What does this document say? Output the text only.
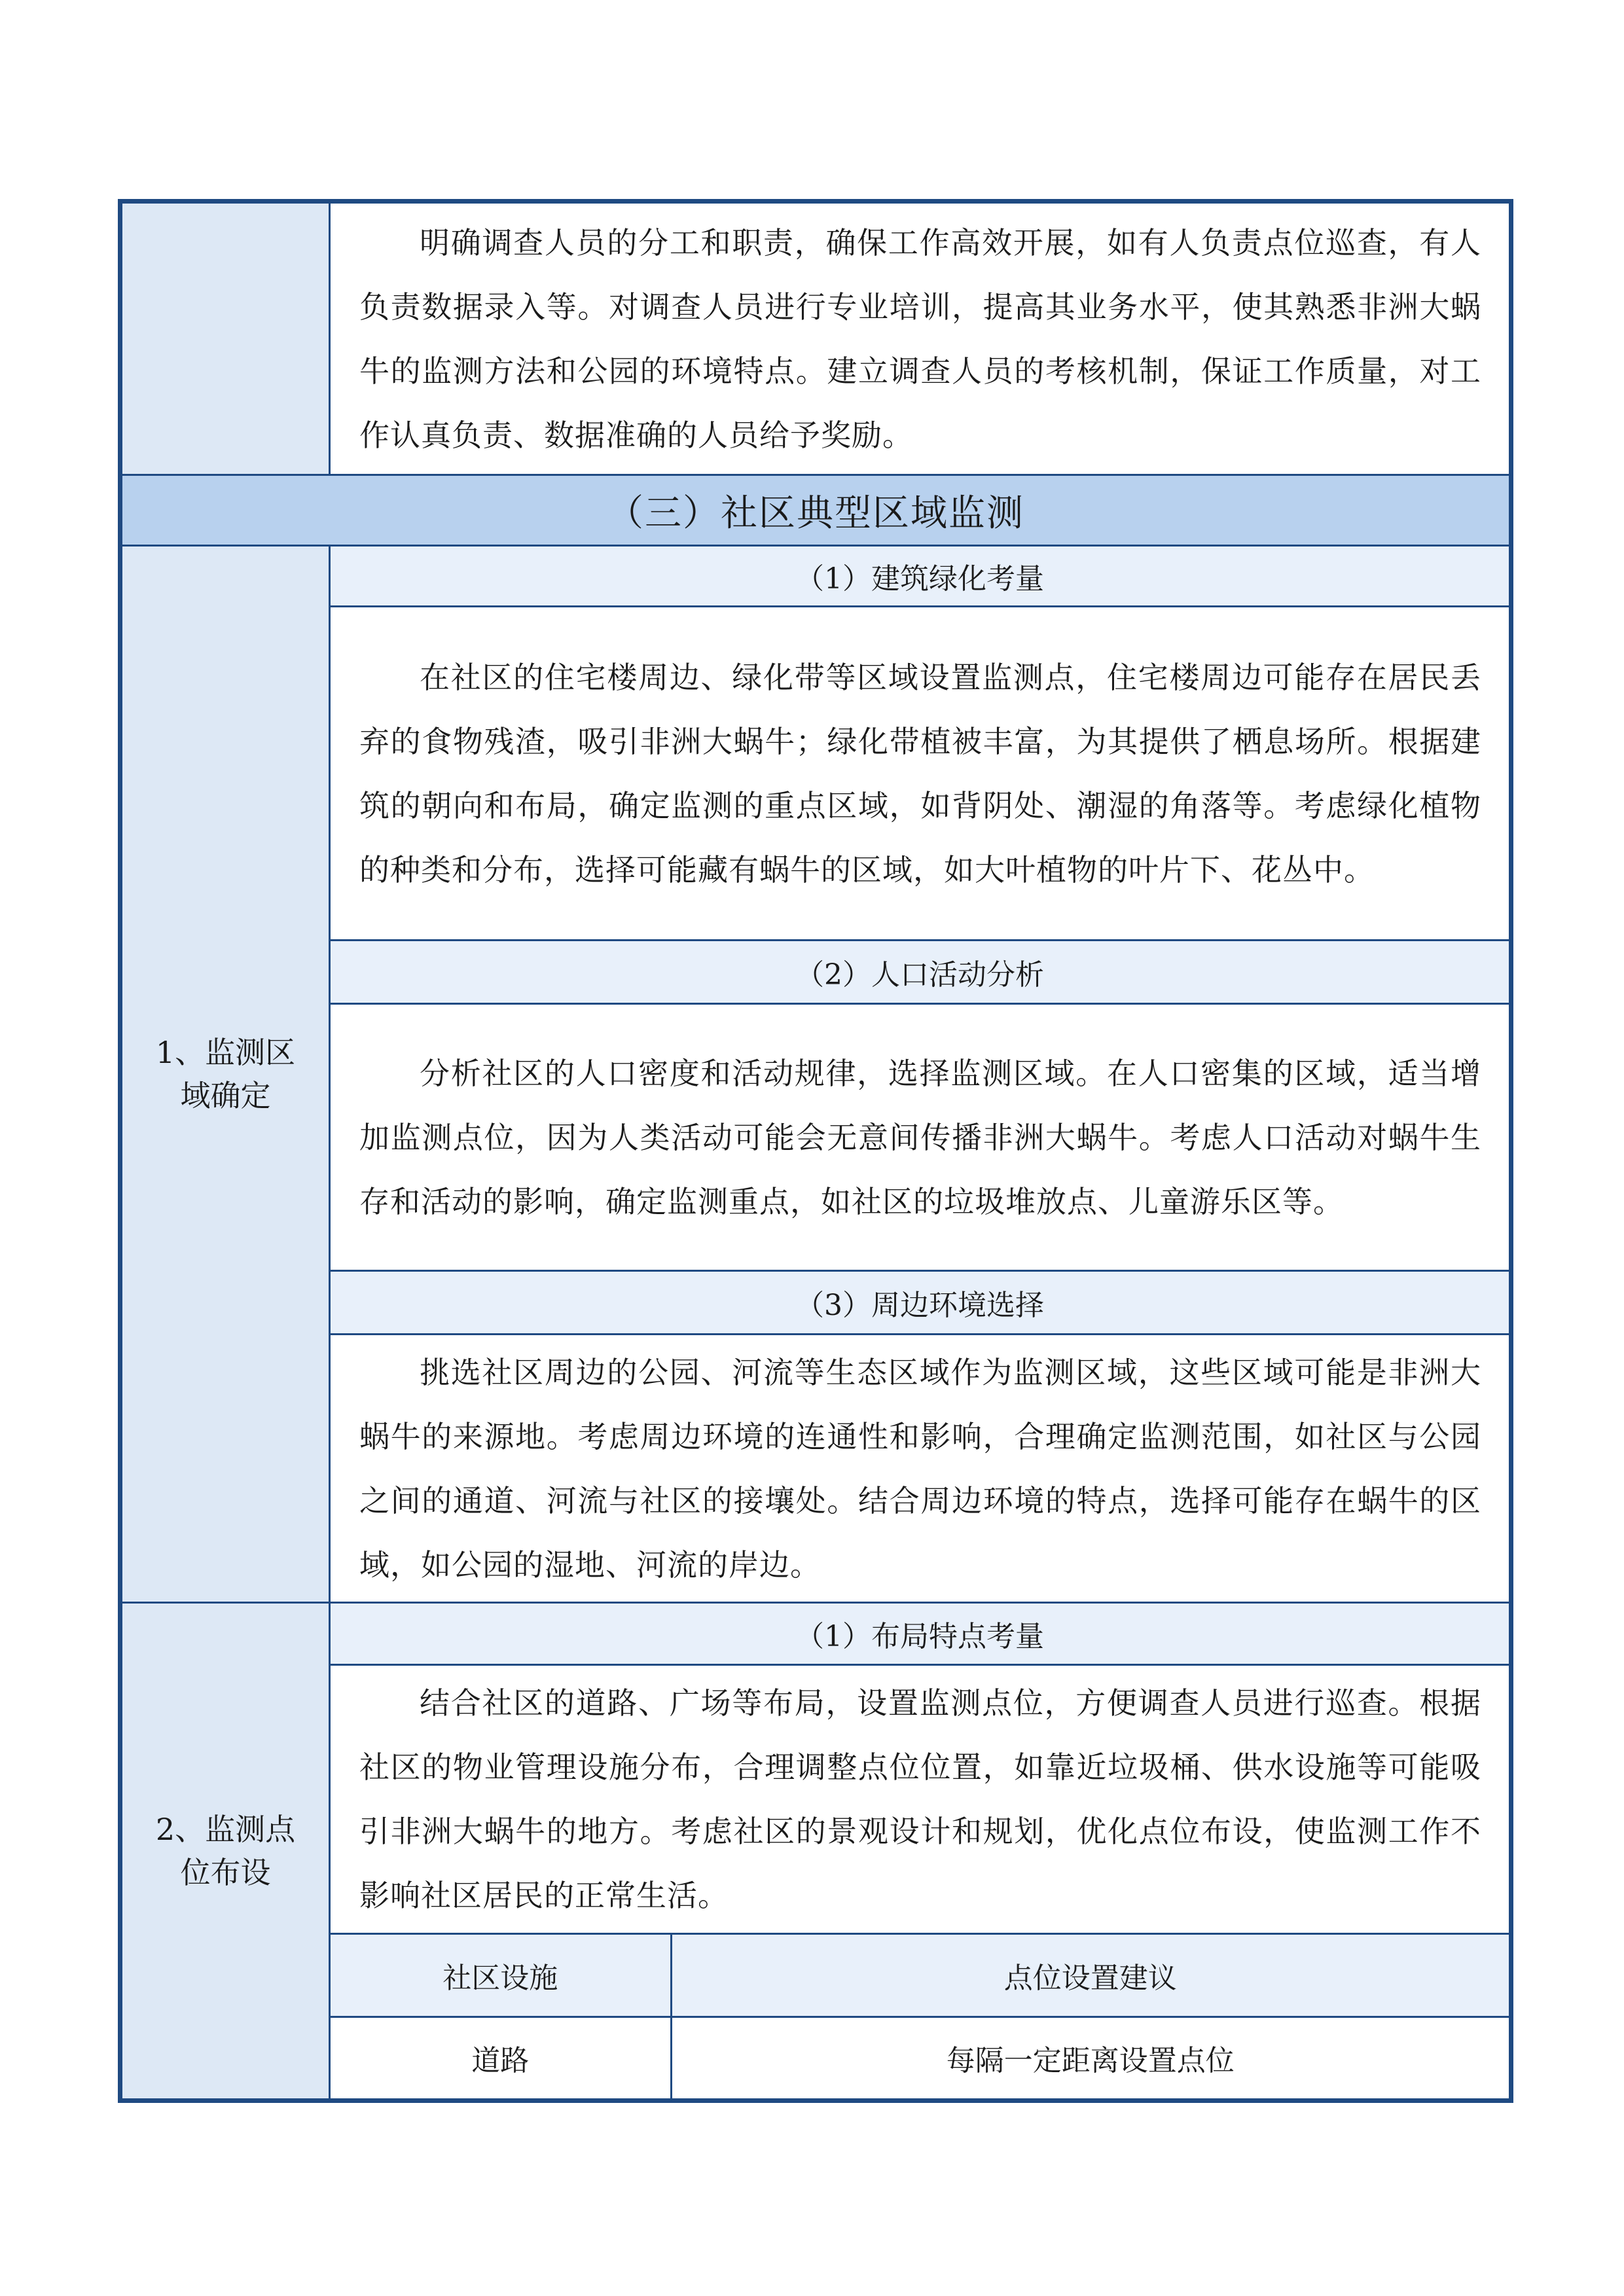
	明确调查人员的分工和职责，确保工作高效开展，如有人负责点位巡查，有人负责数据录入等。对调查人员进行专业培训，提高其业务水平，使其熟悉非洲大蜗牛的监测方法和公园的环境特点。建立调查人员的考核机制，保证工作质量，对工作认真负责、数据准确的人员给予奖励。
（三）社区典型区域监测

1、监测区
域确定
	（1）建筑绿化考量
在社区的住宅楼周边、绿化带等区域设置监测点，住宅楼周边可能存在居民丢弃的食物残渣，吸引非洲大蜗牛；绿化带植被丰富，为其提供了栖息场所。根据建筑的朝向和布局，确定监测的重点区域，如背阴处、潮湿的角落等。考虑绿化植物的种类和分布，选择可能藏有蜗牛的区域，如大叶植物的叶片下、花丛中。
（2）人口活动分析
分析社区的人口密度和活动规律，选择监测区域。在人口密集的区域，适当增加监测点位，因为人类活动可能会无意间传播非洲大蜗牛。考虑人口活动对蜗牛生存和活动的影响，确定监测重点，如社区的垃圾堆放点、儿童游乐区等。
（3）周边环境选择
挑选社区周边的公园、河流等生态区域作为监测区域，这些区域可能是非洲大蜗牛的来源地。考虑周边环境的连通性和影响，合理确定监测范围，如社区与公园之间的通道、河流与社区的接壤处。结合周边环境的特点，选择可能存在蜗牛的区域，如公园的湿地、河流的岸边。

2、监测点
位布设
	（1）布局特点考量
结合社区的道路、广场等布局，设置监测点位，方便调查人员进行巡查。根据社区的物业管理设施分布，合理调整点位位置，如靠近垃圾桶、供水设施等可能吸引非洲大蜗牛的地方。考虑社区的景观设计和规划，优化点位布设，使监测工作不影响社区居民的正常生活。

社区设施	点位设置建议
道路	每隔一定距离设置点位
